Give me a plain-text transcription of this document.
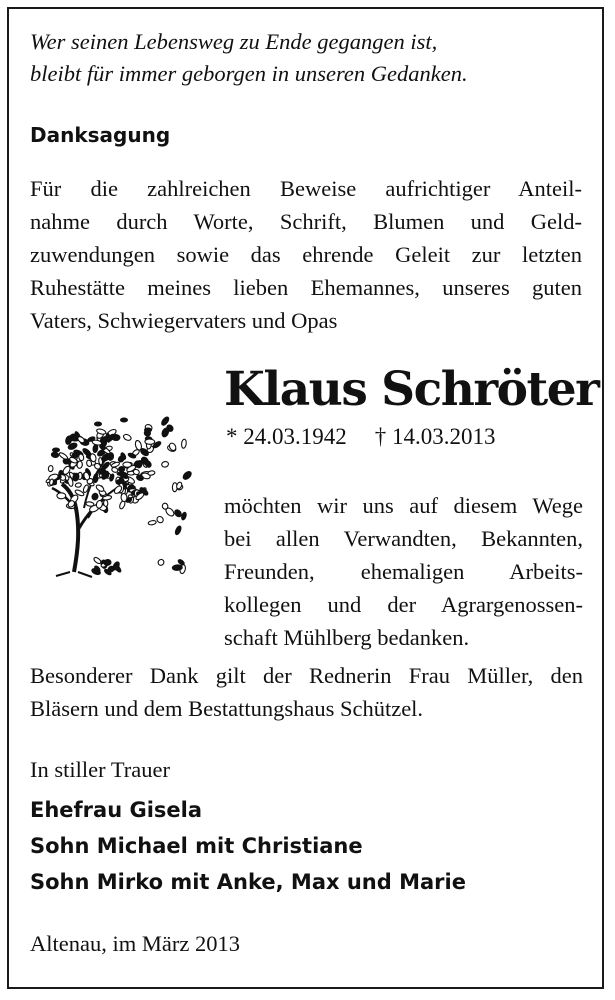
Wer seinen Lebensweg zu Ende gegangen ist,
bleibt für immer geborgen in unseren Gedanken.

Danksagung

Für die zahlreichen Beweise aufrichtiger Anteil-
nahme durch Worte, Schrift, Blumen und Geld-
zuwendungen sowie das ehrende Geleit zur letzten
Ruhestätte meines lieben Ehemannes, unseres guten
Vaters, Schwiegervaters und Opas

Klaus Schröter
* 24.03.1942 † 14.03.2013

möchten wir uns auf diesem Wege
bei allen Verwandten, Bekannten,
Freunden, ehemaligen Arbeits-
kollegen und der Agrargenossen-
schaft Mühlberg bedanken.

Besonderer Dank gilt der Rednerin Frau Müller, den
Bläsern und dem Bestattungshaus Schützel.

In stiller Trauer

Ehefrau Gisela
Sohn Michael mit Christiane
Sohn Mirko mit Anke, Max und Marie

Altenau, im März 2013
